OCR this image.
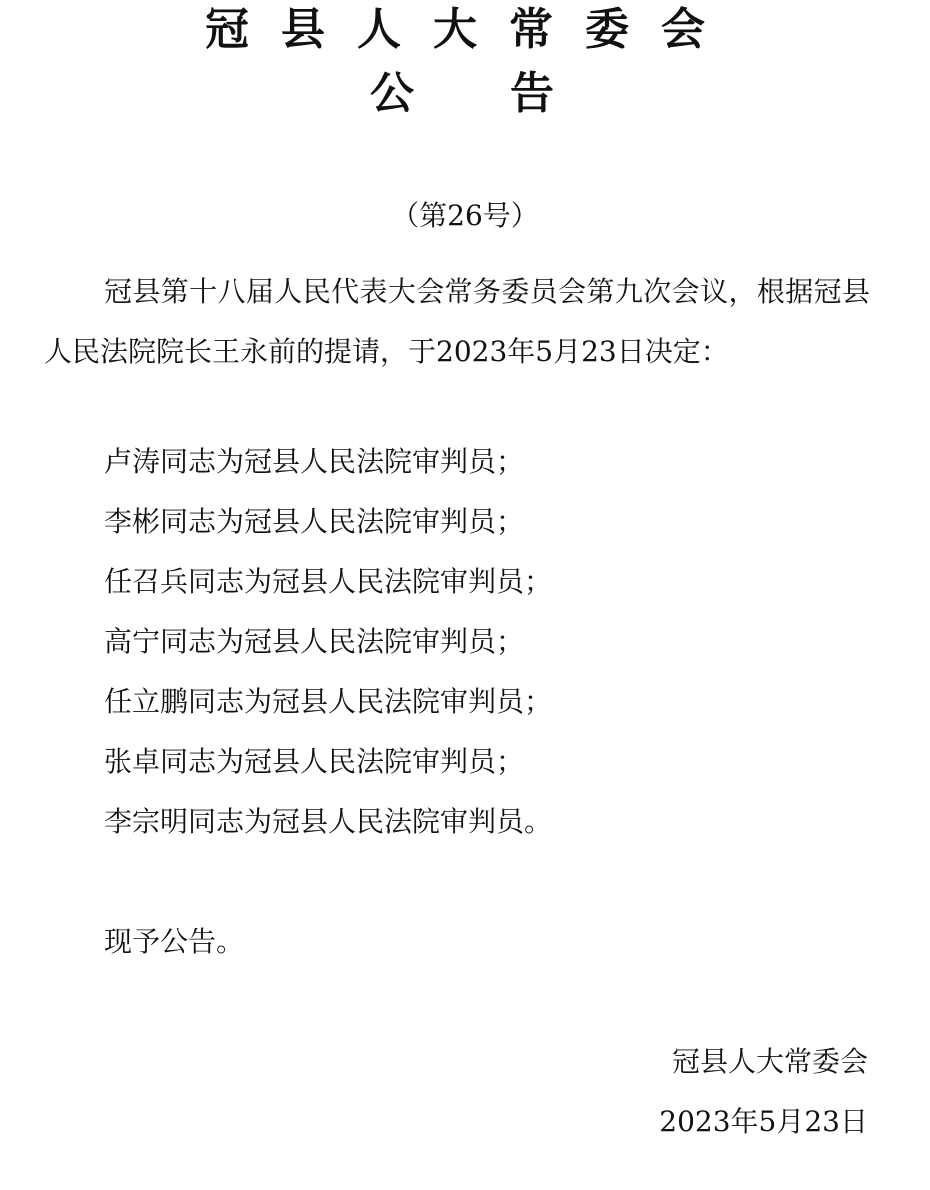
冠县人大常委会
公告

（第26号）

冠县第十八届人民代表大会常务委员会第九次会议，根据冠县人民法院院长王永前的提请，于2023年5月23日决定：

卢涛同志为冠县人民法院审判员；

李彬同志为冠县人民法院审判员；

任召兵同志为冠县人民法院审判员；

高宁同志为冠县人民法院审判员；

任立鹏同志为冠县人民法院审判员；

张卓同志为冠县人民法院审判员；

李宗明同志为冠县人民法院审判员。

现予公告。

冠县人大常委会

2023年5月23日
